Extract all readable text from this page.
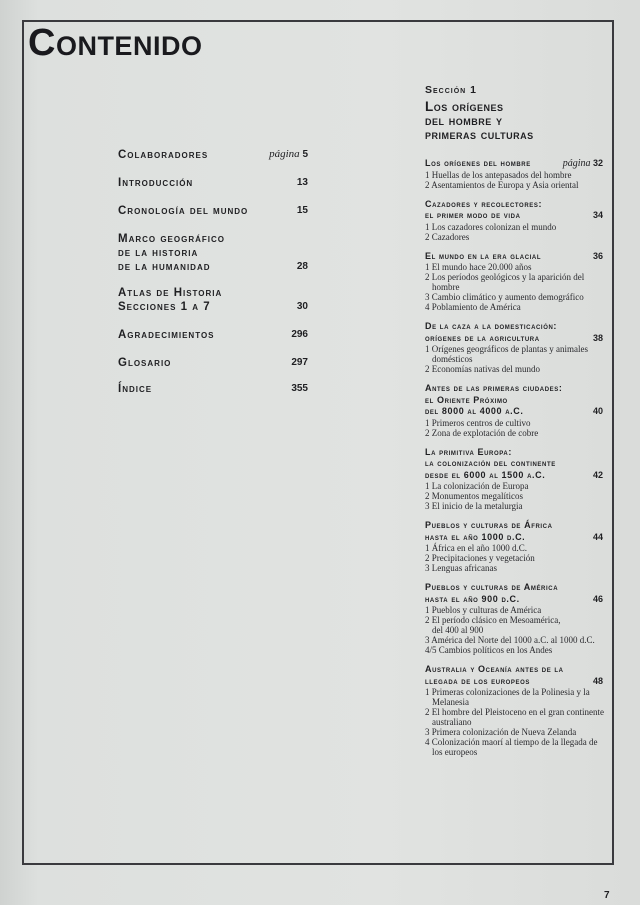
Contenido
Colaboradores	página 5
Introducción	13
Cronología del mundo	15
Marco geográfico
de la historia
de la humanidad	28
Atlas de Historia
Secciones 1 a 7	30
Agradecimientos	296
Glosario	297
Índice	355
Sección 1
Los orígenes
del hombre y
primeras culturas
Los orígenes del hombre	página 32
1 Huellas de los antepasados del hombre
2 Asentamientos de Europa y Asia oriental
Cazadores y recolectores:
el primer modo de vida	34
1 Los cazadores colonizan el mundo
2 Cazadores
El mundo en la era glacial	36
1 El mundo hace 20.000 años
2 Los períodos geológicos y la aparición del hombre
3 Cambio climático y aumento demográfico
4 Poblamiento de América
De la caza a la domesticación:
orígenes de la agricultura	38
1 Orígenes geográficos de plantas y animales domésticos
2 Economías nativas del mundo
Antes de las primeras ciudades:
el Oriente Próximo
del 8000 al 4000 a.C.	40
1 Primeros centros de cultivo
2 Zona de explotación de cobre
La primitiva Europa:
la colonización del continente
desde el 6000 al 1500 a.C.	42
1 La colonización de Europa
2 Monumentos megalíticos
3 El inicio de la metalurgia
Pueblos y culturas de África
hasta el año 1000 d.C.	44
1 África en el año 1000 d.C.
2 Precipitaciones y vegetación
3 Lenguas africanas
Pueblos y culturas de América
hasta el año 900 d.C.	46
1 Pueblos y culturas de América
2 El período clásico en Mesoamérica,
del 400 al 900
3 América del Norte del 1000 a.C. al 1000 d.C.
4/5 Cambios políticos en los Andes
Australia y Oceanía antes de la
llegada de los europeos	48
1 Primeras colonizaciones de la Polinesia y la Melanesia
2 El hombre del Pleistoceno en el gran continente australiano
3 Primera colonización de Nueva Zelanda
4 Colonización maorí al tiempo de la llegada de los europeos
7
